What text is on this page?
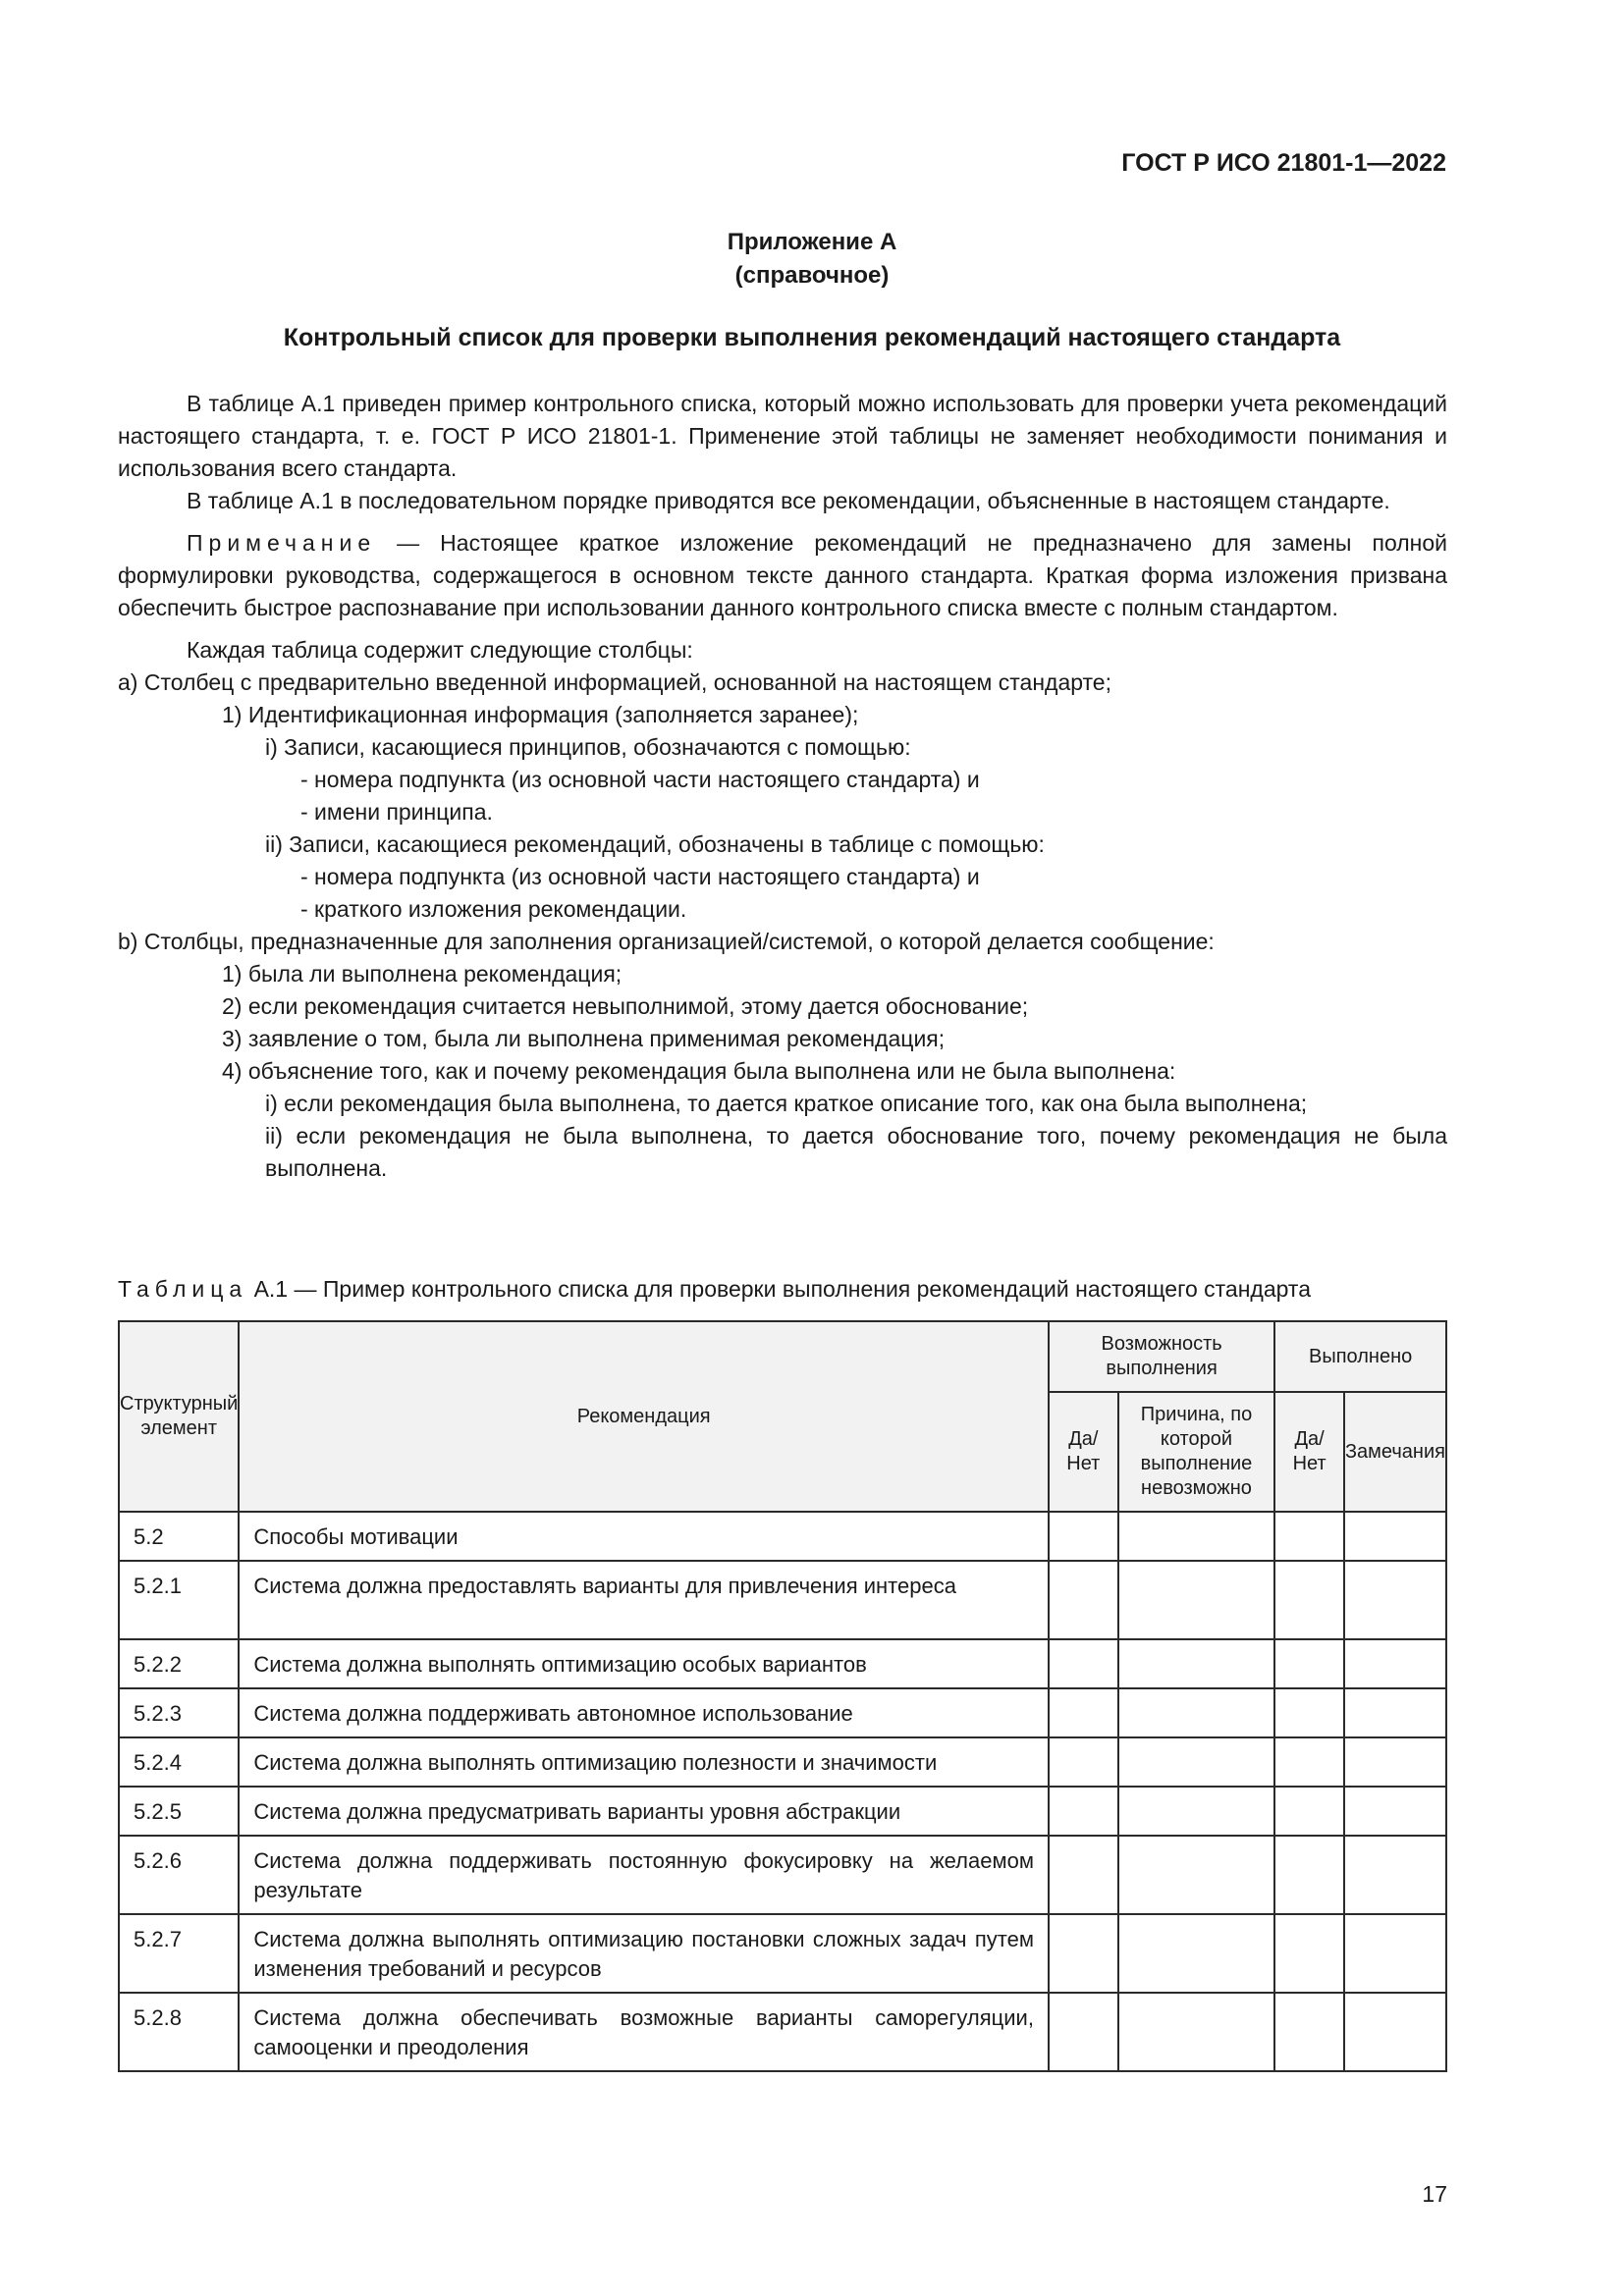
ГОСТ Р ИСО 21801-1—2022
Приложение А
(справочное)
Контрольный список для проверки выполнения рекомендаций настоящего стандарта

В таблице А.1 приведен пример контрольного списка, который можно использовать для проверки учета рекомендаций настоящего стандарта, т. е. ГОСТ Р ИСО 21801-1. Применение этой таблицы не заменяет необходимости понимания и использования всего стандарта.

В таблице А.1 в последовательном порядке приводятся все рекомендации, объясненные в настоящем стандарте.

Примечание — Настоящее краткое изложение рекомендаций не предназначено для замены полной формулировки руководства, содержащегося в основном тексте данного стандарта. Краткая форма изложения призвана обеспечить быстрое распознавание при использовании данного контрольного списка вместе с полным стандартом.

Каждая таблица содержит следующие столбцы:
a) Столбец с предварительно введенной информацией, основанной на настоящем стандарте;
1) Идентификационная информация (заполняется заранее);
i) Записи, касающиеся принципов, обозначаются с помощью:
- номера подпункта (из основной части настоящего стандарта) и
- имени принципа.
ii) Записи, касающиеся рекомендаций, обозначены в таблице с помощью:
- номера подпункта (из основной части настоящего стандарта) и
- краткого изложения рекомендации.
b) Столбцы, предназначенные для заполнения организацией/системой, о которой делается сообщение:
1) была ли выполнена рекомендация;
2) если рекомендация считается невыполнимой, этому дается обоснование;
3) заявление о том, была ли выполнена применимая рекомендация;
4) объяснение того, как и почему рекомендация была выполнена или не была выполнена:
i) если рекомендация была выполнена, то дается краткое описание того, как она была выполнена;
ii) если рекомендация не была выполнена, то дается обоснование того, почему рекомендация не была выполнена.
Таблица А.1 — Пример контрольного списка для проверки выполнения рекомендаций настоящего стандарта
Структурный элемент	Рекомендация	Возможность выполнения		Выполнено	
		Да/ Нет	Причина, по которой выполнение невозможно	Да/ Нет	Замечания
5.2	Способы мотивации				
5.2.1	Система должна предоставлять варианты для привлечения интереса				
5.2.2	Система должна выполнять оптимизацию особых вариантов				
5.2.3	Система должна поддерживать автономное использование				
5.2.4	Система должна выполнять оптимизацию полезности и значимости				
5.2.5	Система должна предусматривать варианты уровня абстракции				
5.2.6	Система должна поддерживать постоянную фокусировку на желаемом результате				
5.2.7	Система должна выполнять оптимизацию постановки сложных задач путем изменения требований и ресурсов				
5.2.8	Система должна обеспечивать возможные варианты саморегуляции, самооценки и преодоления				
17
